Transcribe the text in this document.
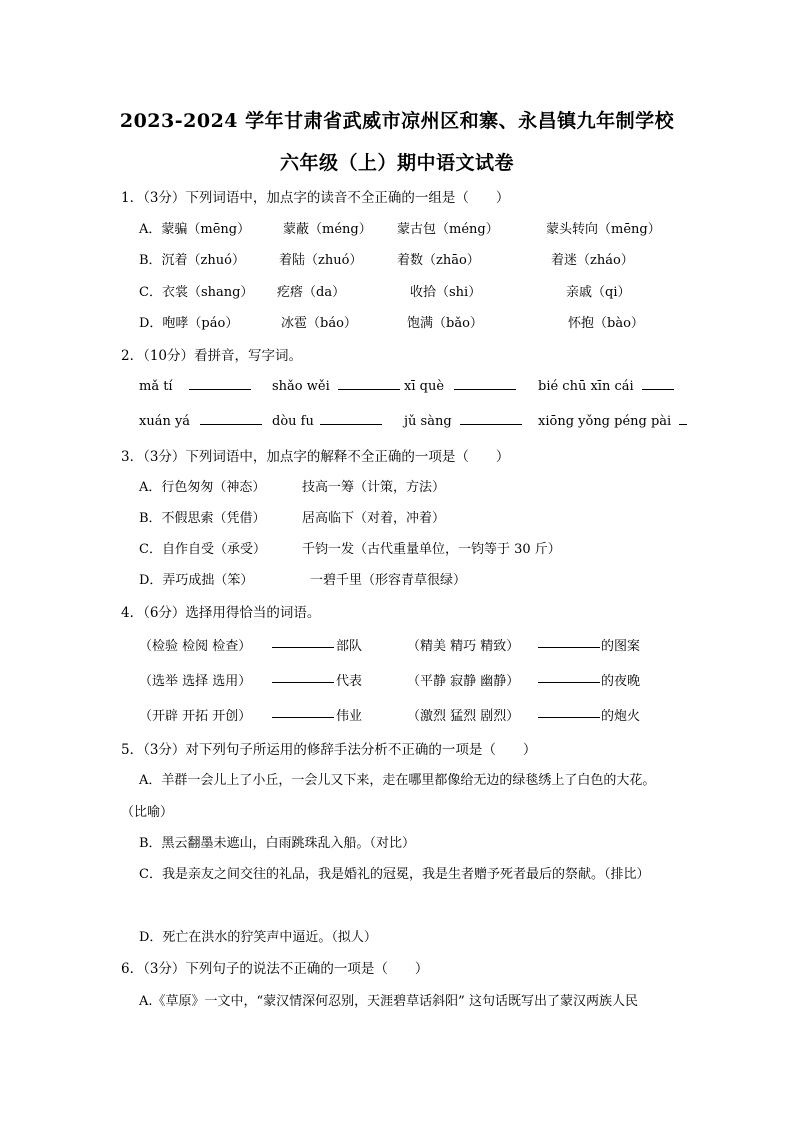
2023-2024 学年甘肃省武威市凉州区和寨、永昌镇九年制学校
六年级（上）期中语文试卷
1．（3分）下列词语中，加点字的读音不全正确的一组是（　　）
A．蒙骗（mēng）	蒙蔽（méng） 蒙古包（méng）	蒙头转向（mēng）
B．沉着（zhuó）	着陆（zhuó）	着数（zhāo）	着迷（zháo）
C．衣裳（shang） 疙瘩（da）	收拾（shi）	亲戚（qi）
D．咆哮（páo）	冰雹（báo）	饱满（bǎo）	怀抱（bào）
2．（10分）看拼音，写字词。
mǎ tí	shǎo wěi	xī què	bié chū xīn cái
xuán yá	dòu fu	jǔ sàng	xiōng yǒng péng pài
3．（3分）下列词语中，加点字的解释不全正确的一项是（　　）
A．行色匆匆（神态）	技高一筹（计策，方法）
B．不假思索（凭借）	居高临下（对着，冲着）
C．自作自受（承受）	千钧一发（古代重量单位，一钧等于 30 斤）
D．弄巧成拙（笨）	一碧千里（形容青草很绿）
4．（6分）选择用得恰当的词语。
（检验 检阅 检查）	部队	（精美 精巧 精致）	的图案
（选举 选择 选用）	代表	（平静 寂静 幽静）	的夜晚
（开辟 开拓 开创）	伟业	（激烈 猛烈 剧烈）	的炮火
5．（3分）对下列句子所运用的修辞手法分析不正确的一项是（　　）
A．羊群一会儿上了小丘，一会儿又下来，走在哪里都像给无边的绿毯绣上了白色的大花。
（比喻）
B．黑云翻墨未遮山，白雨跳珠乱入船。（对比）
C．我是亲友之间交往的礼品，我是婚礼的冠冕，我是生者赠予死者最后的祭献。（排比）
D．死亡在洪水的狞笑声中逼近。（拟人）
6．（3分）下列句子的说法不正确的一项是（　　）
A.《草原》一文中，“蒙汉情深何忍别，天涯碧草话斜阳” 这句话既写出了蒙汉两族人民
